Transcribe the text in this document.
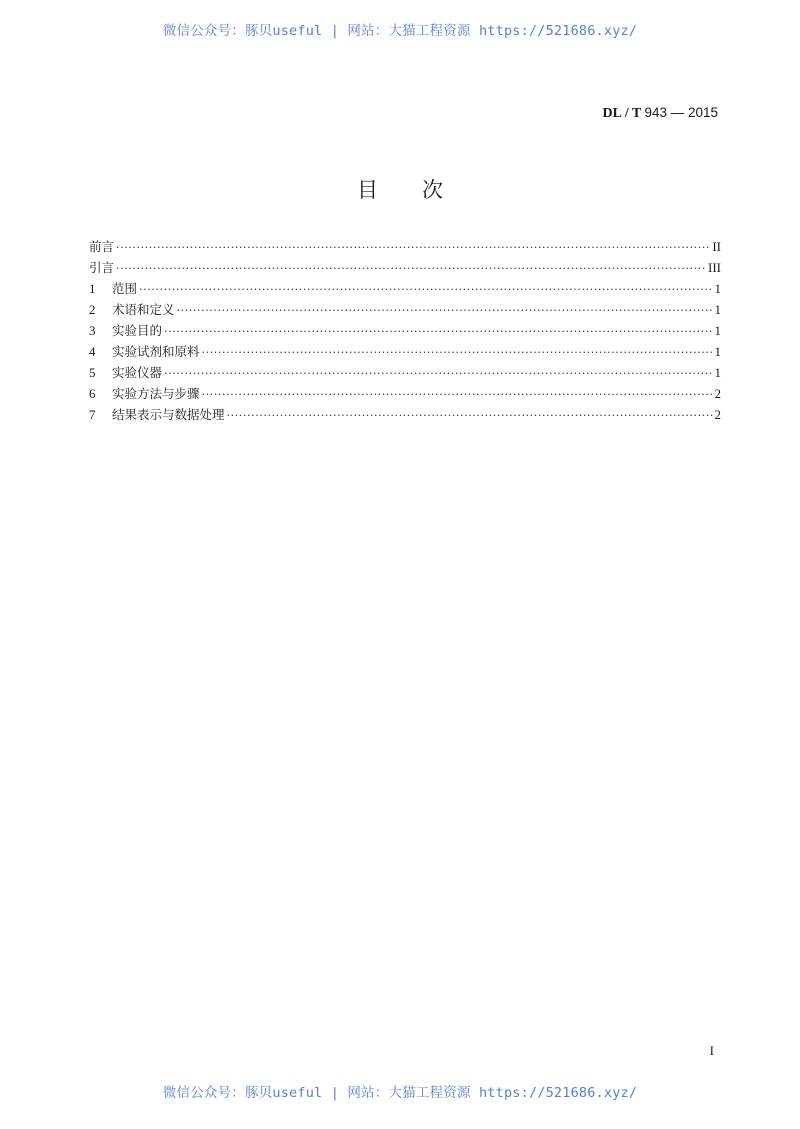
微信公众号：豚贝useful | 网站：大猫工程资源 https://521686.xyz/
DL / T 943 — 2015
目次
前言 ·····	II
引言 ·····	III
1	范围 ·····	1
2	术语和定义 ·····	1
3	实验目的 ·····	1
4	实验试剂和原料 ·····	1
5	实验仪器 ·····	1
6	实验方法与步骤 ·····	2
7	结果表示与数据处理 ·····	2
I
微信公众号：豚贝useful | 网站：大猫工程资源 https://521686.xyz/
